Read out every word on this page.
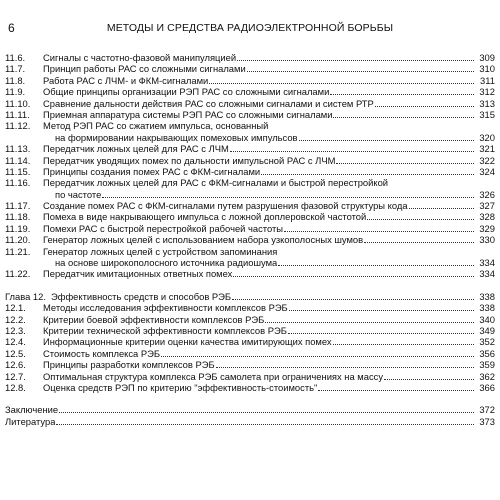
6	МЕТОДЫ И СРЕДСТВА РАДИОЭЛЕКТРОННОЙ БОРЬБЫ
11.6.	Сигналы с частотно-фазовой манипуляцией	309
11.7.	Принцип работы РАС со сложными сигналами	310
11.8.	Работа РАС с ЛЧМ- и ФКМ-сигналами	311
11.9.	Общие принципы организации РЭП РАС со сложными сигналами	312
11.10.	Сравнение дальности действия РАС со сложными сигналами и систем РТР	313
11.11.	Приемная аппаратура системы РЭП РАС со сложными сигналами	315
11.12.	Метод РЭП РАС со сжатием импульса, основанный
на формировании накрывающих помеховых импульсов	320
11.13.	Передатчик ложных целей для РАС с ЛЧМ	321
11.14.	Передатчик уводящих помех по дальности импульсной РАС с ЛЧМ	322
11.15.	Принципы создания помех РАС с ФКМ-сигналами	324
11.16.	Передатчик ложных целей для РАС с ФКМ-сигналами и быстрой перестройкой
по частоте	326
11.17.	Создание помех РАС с ФКМ-сигналами путем разрушения фазовой структуры кода	327
11.18.	Помеха в виде накрывающего импульса с ложной доплеровской частотой	328
11.19.	Помехи РАС с быстрой перестройкой рабочей частоты	329
11.20.	Генератор ложных целей с использованием набора узкополосных шумов	330
11.21.	Генератор ложных целей с устройством запоминания
на основе широкополосного источника радиошума	334
11.22.	Передатчик имитационных ответных помех	334
Глава 12. Эффективность средств и способов РЭБ	338
12.1.	Методы исследования эффективности комплексов РЭБ	338
12.2.	Критерии боевой эффективности комплексов РЭБ	340
12.3.	Критерии технической эффективности комплексов РЭБ	349
12.4.	Информационные критерии оценки качества имитирующих помех	352
12.5.	Стоимость комплекса РЭБ	356
12.6.	Принципы разработки комплексов РЭБ	359
12.7.	Оптимальная структура комплекса РЭБ самолета при ограничениях на массу	362
12.8.	Оценка средств РЭП по критерию "эффективность-стоимость"	366
Заключение	372
Литература	373
